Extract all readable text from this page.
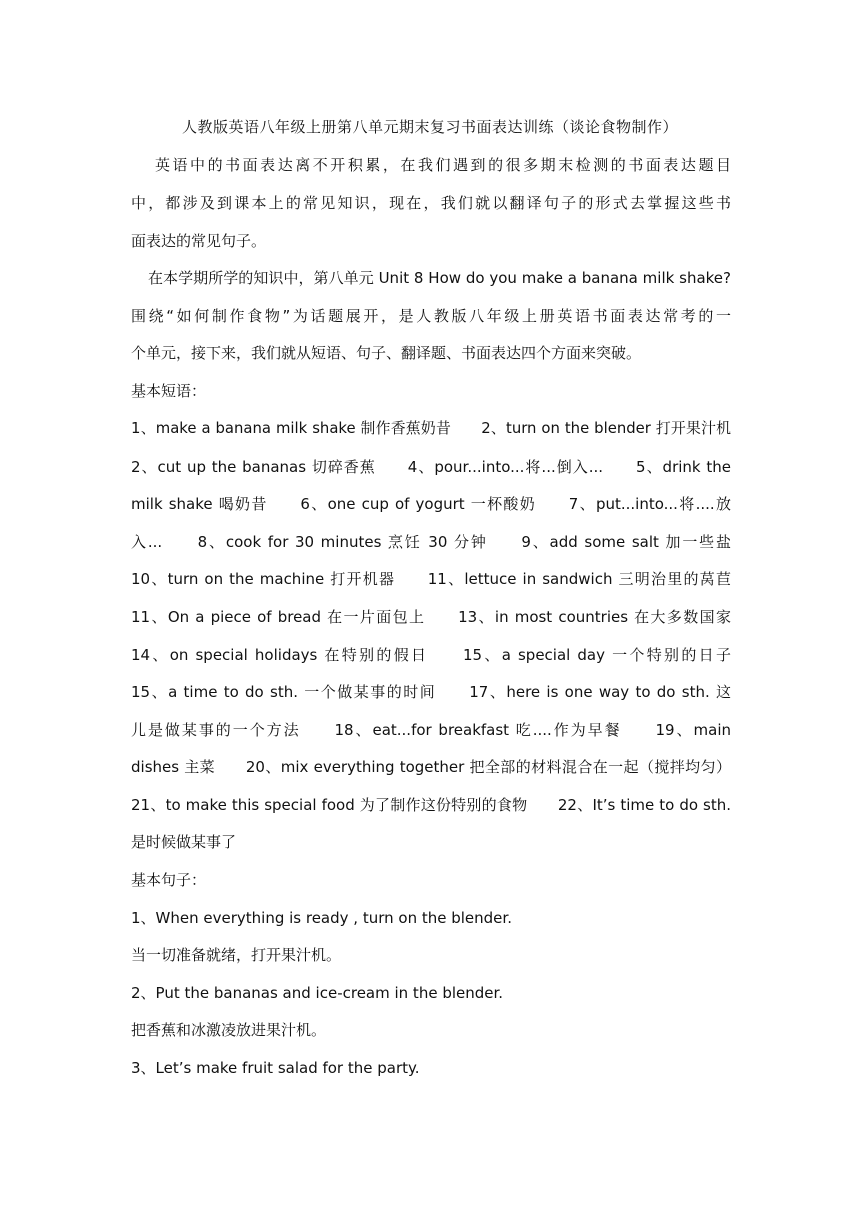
人教版英语八年级上册第八单元期末复习书面表达训练（谈论食物制作）
英语中的书面表达离不开积累，在我们遇到的很多期末检测的书面表达题目
中，都涉及到课本上的常见知识，现在，我们就以翻译句子的形式去掌握这些书
面表达的常见句子。
在本学期所学的知识中，第八单元 Unit 8 How do you make a banana milk shake?
围绕“如何制作食物”为话题展开，是人教版八年级上册英语书面表达常考的一
个单元，接下来，我们就从短语、句子、翻译题、书面表达四个方面来突破。
基本短语：
1、make a banana milk shake 制作香蕉奶昔　　2、turn on the blender 打开果汁机
2、cut up the bananas 切碎香蕉　　4、pour...into...将...倒入...　　5、drink the
milk shake 喝奶昔　　6、one cup of yogurt 一杯酸奶　　7、put...into...将....放
入...　　8、cook for 30 minutes 烹饪 30 分钟　　9、add some salt 加一些盐
10、turn on the machine 打开机器　　11、lettuce in sandwich 三明治里的莴苣
11、On a piece of bread 在一片面包上　　13、in most countries 在大多数国家
14、on special holidays 在特别的假日　　15、a special day 一个特别的日子
15、a time to do sth. 一个做某事的时间　　17、here is one way to do sth. 这
儿是做某事的一个方法　　18、eat...for breakfast 吃....作为早餐　　19、main
dishes 主菜　　20、mix everything together 把全部的材料混合在一起（搅拌均匀）
21、to make this special food 为了制作这份特别的食物　　22、It’s time to do sth.
是时候做某事了
基本句子：
1、When everything is ready , turn on the blender.
当一切准备就绪，打开果汁机。
2、Put the bananas and ice-cream in the blender.
把香蕉和冰激凌放进果汁机。
3、Let’s make fruit salad for the party.
